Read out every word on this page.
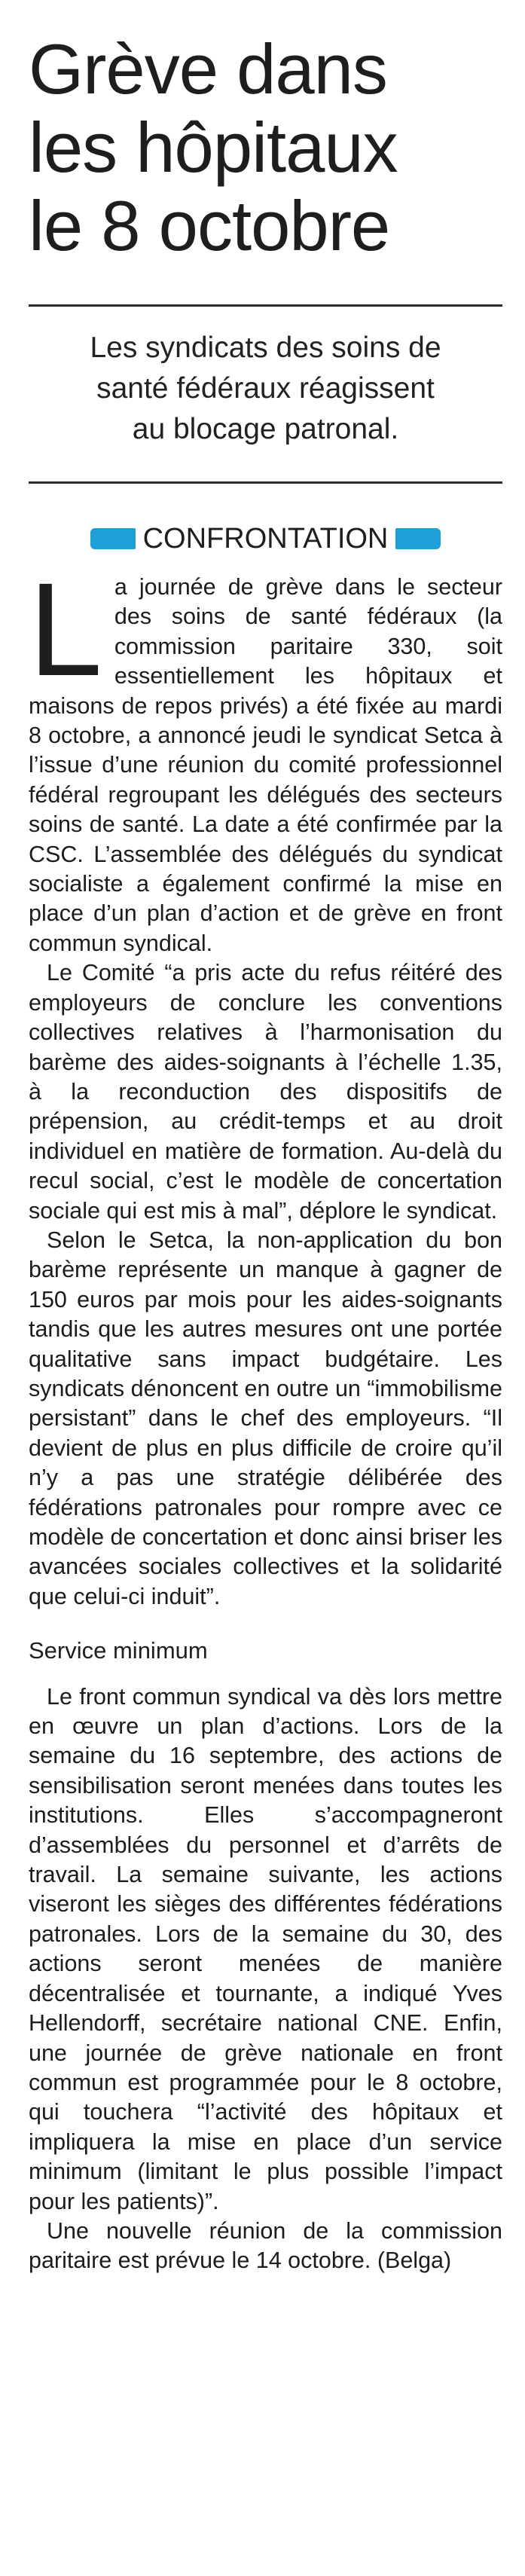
Grève dans
les hôpitaux
le 8 octobre
Les syndicats des soins de
santé fédéraux réagissent
au blocage patronal.
CONFRONTATION

La journée de grève dans le secteur des soins de santé fédéraux (la commission paritaire 330, soit essentiellement les hôpitaux et maisons de repos privés) a été fixée au mardi 8 octobre, a annoncé jeudi le syndicat Setca à l’issue d’une réunion du comité professionnel fédéral regroupant les délégués des secteurs soins de santé. La date a été confirmée par la CSC. L’assemblée des délégués du syndicat socialiste a également confirmé la mise en place d’un plan d’action et de grève en front commun syndical.

Le Comité “a pris acte du refus réitéré des employeurs de conclure les conventions collectives relatives à l’harmonisation du barème des aides-soignants à l’échelle 1.35, à la reconduction des dispositifs de prépension, au crédit-temps et au droit individuel en matière de formation. Au-delà du recul social, c’est le modèle de concertation sociale qui est mis à mal”, déplore le syndicat.

Selon le Setca, la non-application du bon barème représente un manque à gagner de 150 euros par mois pour les aides-soignants tandis que les autres mesures ont une portée qualitative sans impact budgétaire. Les syndicats dénoncent en outre un “immobilisme persistant” dans le chef des employeurs. “Il devient de plus en plus difficile de croire qu’il n’y a pas une stratégie délibérée des fédérations patronales pour rompre avec ce modèle de concertation et donc ainsi briser les avancées sociales collectives et la solidarité que celui-ci induit”.

Service minimum

Le front commun syndical va dès lors mettre en œuvre un plan d’actions. Lors de la semaine du 16 septembre, des actions de sensibilisation seront menées dans toutes les institutions. Elles s’accompagneront d’assemblées du personnel et d’arrêts de travail. La semaine suivante, les actions viseront les sièges des différentes fédérations patronales. Lors de la semaine du 30, des actions seront menées de manière décentralisée et tournante, a indiqué Yves Hellendorff, secrétaire national CNE. Enfin, une journée de grève nationale en front commun est programmée pour le 8 octobre, qui touchera “l’activité des hôpitaux et impliquera la mise en place d’un service minimum (limitant le plus possible l’impact pour les patients)”.

Une nouvelle réunion de la commission paritaire est prévue le 14 octobre. (Belga)
